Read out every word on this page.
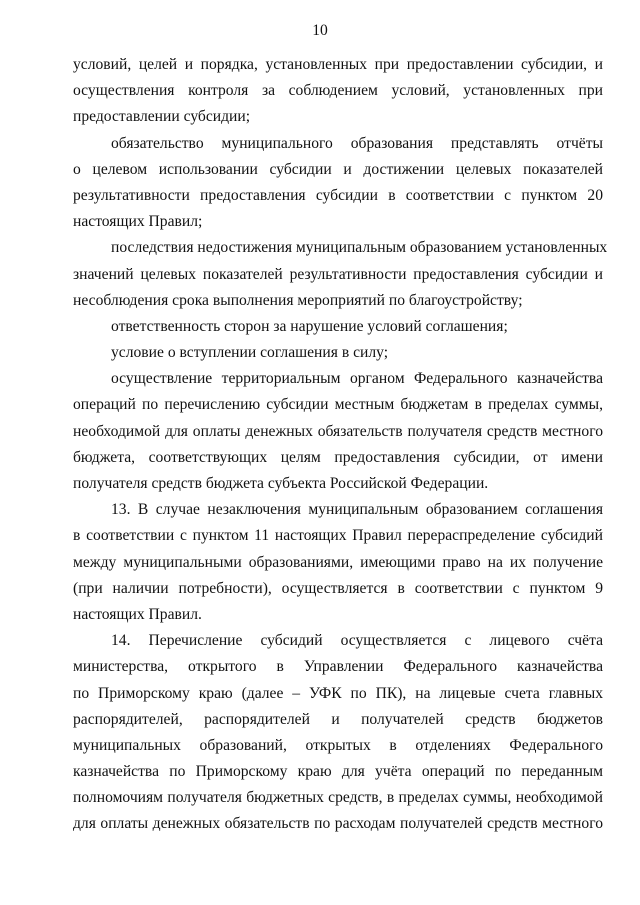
10
условий, целей и порядка, установленных при предоставлении субсидии, и
осуществления контроля за соблюдением условий, установленных при
предоставлении субсидии;
обязательство муниципального образования представлять отчёты
о целевом использовании субсидии и достижении целевых показателей
результативности предоставления субсидии в соответствии с пунктом 20
настоящих Правил;
последствия недостижения муниципальным образованием установленных
значений целевых показателей результативности предоставления субсидии и
несоблюдения срока выполнения мероприятий по благоустройству;
ответственность сторон за нарушение условий соглашения;
условие о вступлении соглашения в силу;
осуществление территориальным органом Федерального казначейства
операций по перечислению субсидии местным бюджетам в пределах суммы,
необходимой для оплаты денежных обязательств получателя средств местного
бюджета, соответствующих целям предоставления субсидии, от имени
получателя средств бюджета субъекта Российской Федерации.
13. В случае незаключения муниципальным образованием соглашения
в соответствии с пунктом 11 настоящих Правил перераспределение субсидий
между муниципальными образованиями, имеющими право на их получение
(при наличии потребности), осуществляется в соответствии с пунктом 9
настоящих Правил.
14. Перечисление субсидий осуществляется с лицевого счёта
министерства, открытого в Управлении Федерального казначейства
по Приморскому краю (далее – УФК по ПК), на лицевые счета главных
распорядителей, распорядителей и получателей средств бюджетов
муниципальных образований, открытых в отделениях Федерального
казначейства по Приморскому краю для учёта операций по переданным
полномочиям получателя бюджетных средств, в пределах суммы, необходимой
для оплаты денежных обязательств по расходам получателей средств местного
